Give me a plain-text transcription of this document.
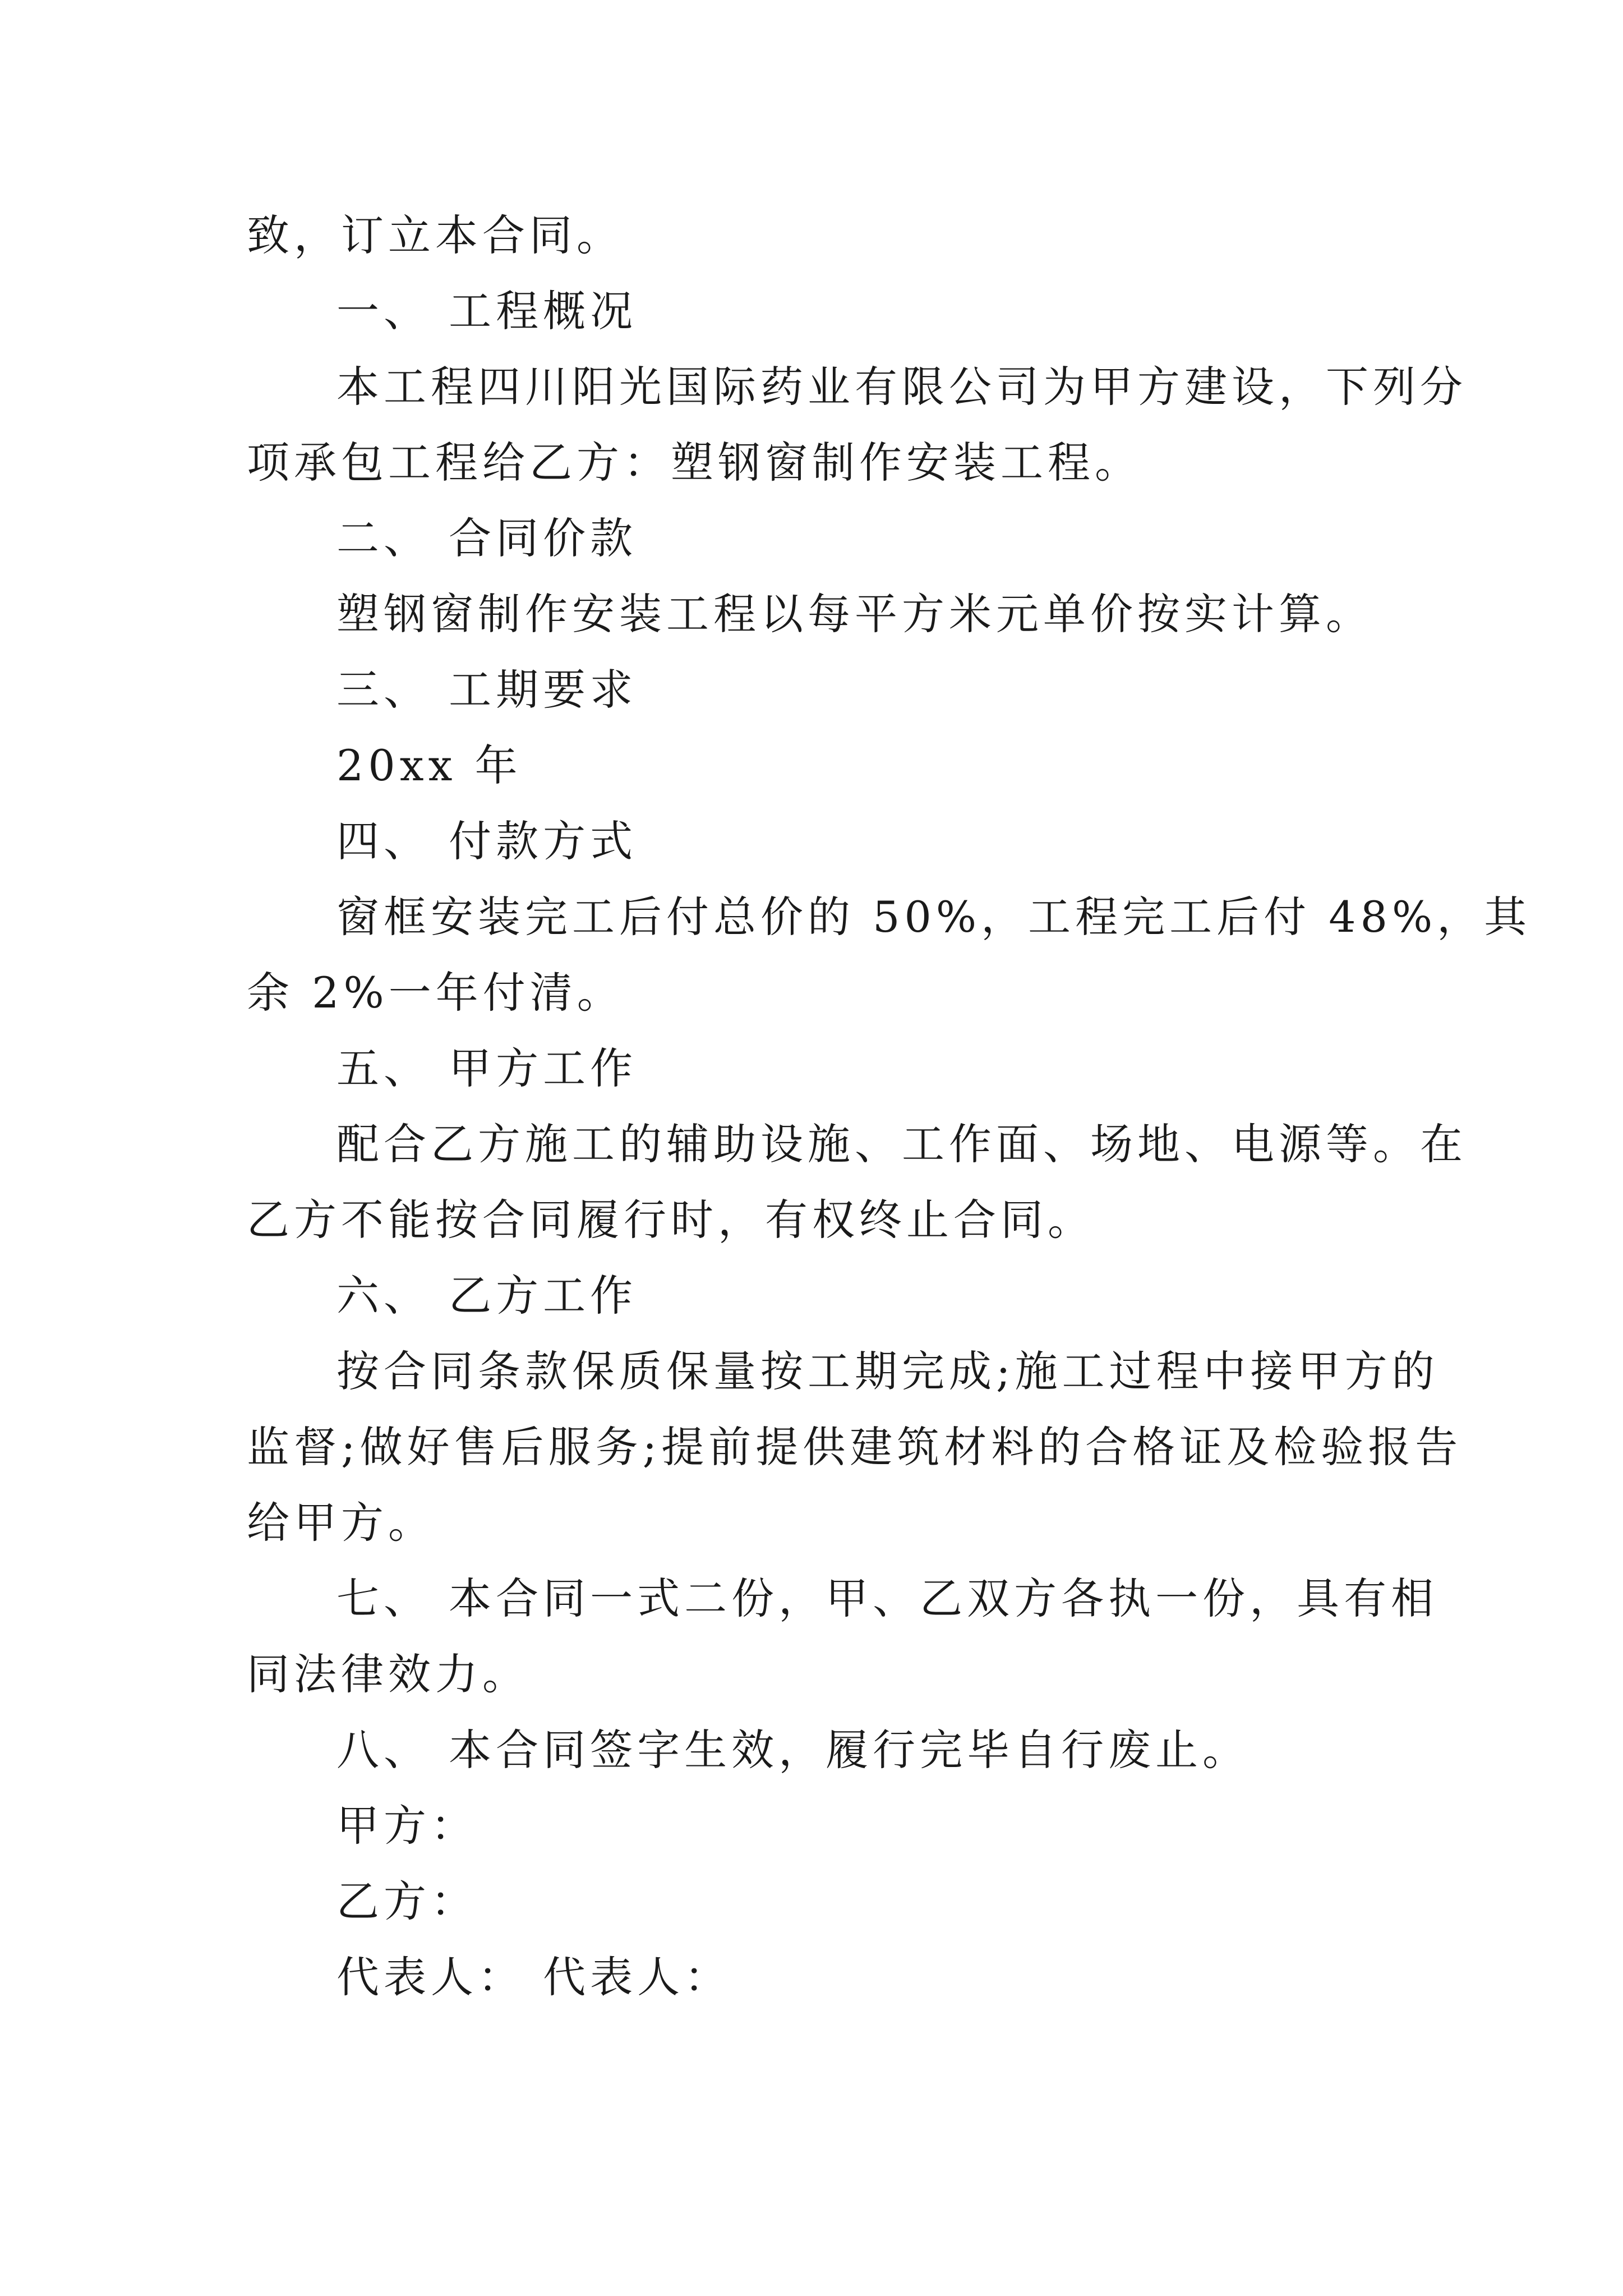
致，订立本合同。
一、 工程概况
本工程四川阳光国际药业有限公司为甲方建设，下列分
项承包工程给乙方：塑钢窗制作安装工程。
二、 合同价款
塑钢窗制作安装工程以每平方米元单价按实计算。
三、 工期要求
20xx 年
四、 付款方式
窗框安装完工后付总价的 50%，工程完工后付 48%，其
余 2%一年付清。
五、 甲方工作
配合乙方施工的辅助设施、工作面、场地、电源等。在
乙方不能按合同履行时，有权终止合同。
六、 乙方工作
按合同条款保质保量按工期完成;施工过程中接甲方的
监督;做好售后服务;提前提供建筑材料的合格证及检验报告
给甲方。
七、 本合同一式二份，甲、乙双方各执一份，具有相
同法律效力。
八、 本合同签字生效，履行完毕自行废止。
甲方：
乙方：
代表人： 代表人：
